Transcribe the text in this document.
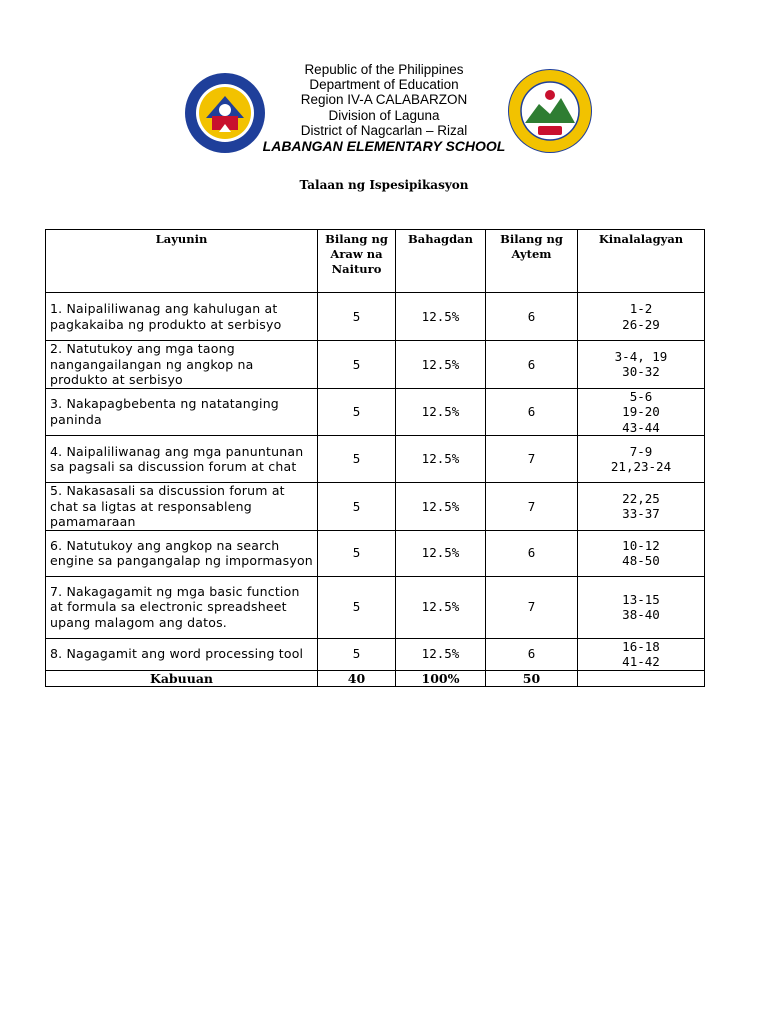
Republic of the Philippines
Department of Education
Region IV-A CALABARZON
Division of Laguna
District of Nagcarlan – Rizal
LABANGAN ELEMENTARY SCHOOL
Talaan ng Ispesipikasyon
Layunin	Bilang ng Araw na Naituro	Bahagdan	Bilang ng Aytem	Kinalalagyan
1. Naipaliliwanag ang kahulugan at pagkakaiba ng produkto at serbisyo	5	12.5%	6	1-2
26-29

2. Natutukoy ang mga taong nangangailangan ng angkop na produkto at serbisyo	5	12.5%	6	3-4, 19
30-32

3. Nakapagbebenta ng natatanging paninda	5	12.5%	6	5-6
19-20
43-44

4. Naipaliliwanag ang mga panuntunan sa pagsali sa discussion forum at chat	5	12.5%	7	7-9
21,23-24

5. Nakasasali sa discussion forum at chat sa ligtas at responsableng pamamaraan	5	12.5%	7	22,25
33-37

6. Natutukoy ang angkop na search engine sa pangangalap ng impormasyon	5	12.5%	6	10-12
48-50

7. Nakagagamit ng mga basic function at formula sa electronic spreadsheet upang malagom ang datos.	5	12.5%	7	13-15
38-40

8. Nagagamit ang word processing tool	5	12.5%	6	16-18
41-42

Kabuuan	40	100%	50	
